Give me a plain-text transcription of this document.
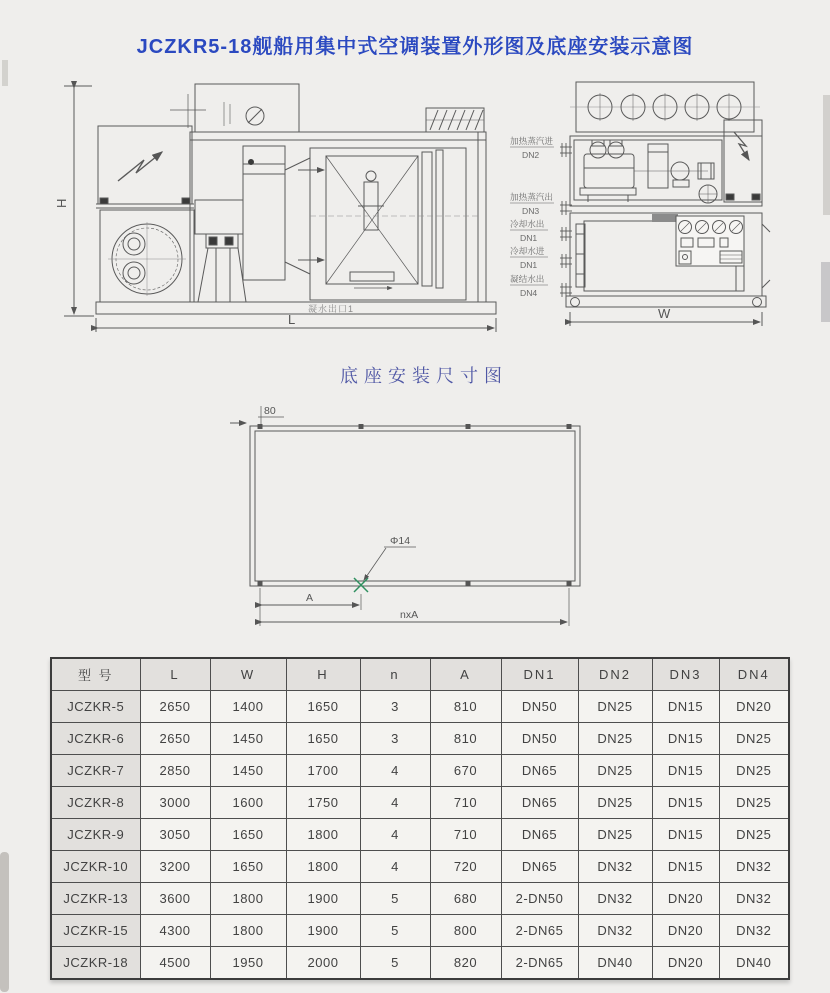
JCZKR5-18舰船用集中式空调装置外形图及底座安装示意图
H
凝水出口1
L
加热蒸汽进
DN2
加热蒸汽出
DN3
冷却水出
DN1
冷却水进
DN1
凝结水出
DN4
W
底座安装尺寸图
80
Φ14
A
nxA
型 号	L	W	H	n	A	DN1	DN2	DN3	DN4
JCZKR-5	2650	1400	1650	3	810	DN50	DN25	DN15	DN20
JCZKR-6	2650	1450	1650	3	810	DN50	DN25	DN15	DN25
JCZKR-7	2850	1450	1700	4	670	DN65	DN25	DN15	DN25
JCZKR-8	3000	1600	1750	4	710	DN65	DN25	DN15	DN25
JCZKR-9	3050	1650	1800	4	710	DN65	DN25	DN15	DN25
JCZKR-10	3200	1650	1800	4	720	DN65	DN32	DN15	DN32
JCZKR-13	3600	1800	1900	5	680	2-DN50	DN32	DN20	DN32
JCZKR-15	4300	1800	1900	5	800	2-DN65	DN32	DN20	DN32
JCZKR-18	4500	1950	2000	5	820	2-DN65	DN40	DN20	DN40
